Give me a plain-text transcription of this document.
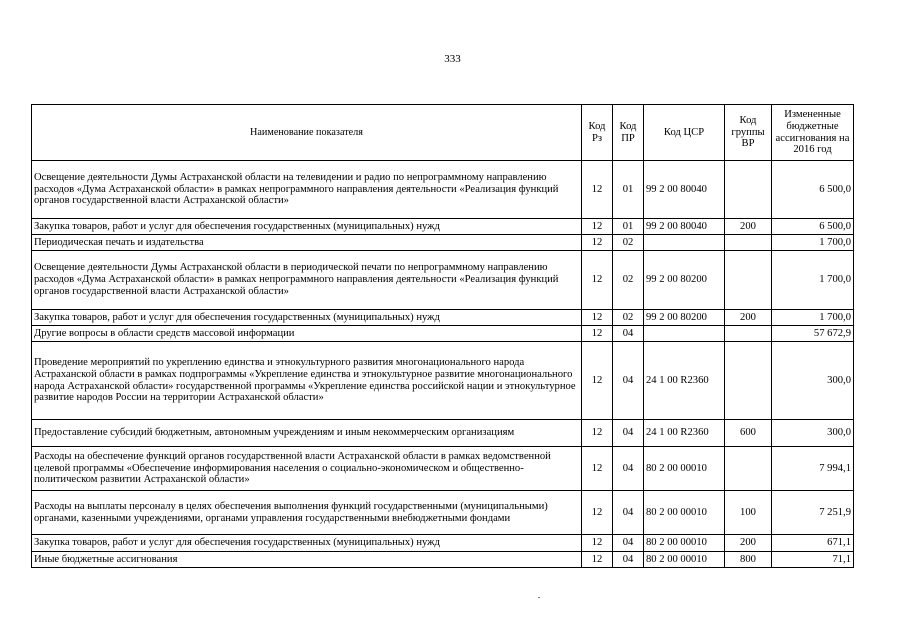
333
Наименование показателя	Код Рз	Код ПР	Код ЦСР	Код группы ВР	Измененные бюджетные ассигнования на 2016 год
Освещение деятельности Думы Астраханской области на телевидении и радио по непрограммному направлению расходов «Дума Астраханской области» в рамках непрограммного направления деятельности «Реализация функций органов государственной власти Астраханской области»	12	01	99 2 00 80040		6 500,0
Закупка товаров, работ и услуг для обеспечения государственных (муниципальных) нужд	12	01	99 2 00 80040	200	6 500,0
Периодическая печать и издательства	12	02			1 700,0
Освещение деятельности Думы Астраханской области в периодической печати по непрограммному направлению расходов «Дума Астраханской области» в рамках непрограммного направления деятельности «Реализация функций органов государственной власти Астраханской области»	12	02	99 2 00 80200		1 700,0
Закупка товаров, работ и услуг для обеспечения государственных (муниципальных) нужд	12	02	99 2 00 80200	200	1 700,0
Другие вопросы в области средств массовой информации	12	04			57 672,9
Проведение мероприятий по укреплению единства и этнокультурного развития многонационального народа Астраханской области в рамках подпрограммы «Укрепление единства и этнокультурное развитие многонационального народа Астраханской области» государственной программы «Укрепление единства российской нации и этнокультурное развитие народов России на территории Астраханской области»	12	04	24 1 00 R2360		300,0
Предоставление субсидий бюджетным, автономным учреждениям и иным некоммерческим организациям	12	04	24 1 00 R2360	600	300,0
Расходы на обеспечение функций органов государственной власти Астраханской области в рамках ведомственной целевой программы «Обеспечение информирования населения о социально-экономическом и общественно-политическом развитии Астраханской области»	12	04	80 2 00 00010		7 994,1
Расходы на выплаты персоналу в целях обеспечения выполнения функций государственными (муниципальными) органами, казенными учреждениями, органами управления государственными внебюджетными фондами	12	04	80 2 00 00010	100	7 251,9
Закупка товаров, работ и услуг для обеспечения государственных (муниципальных) нужд	12	04	80 2 00 00010	200	671,1
Иные бюджетные ассигнования	12	04	80 2 00 00010	800	71,1
